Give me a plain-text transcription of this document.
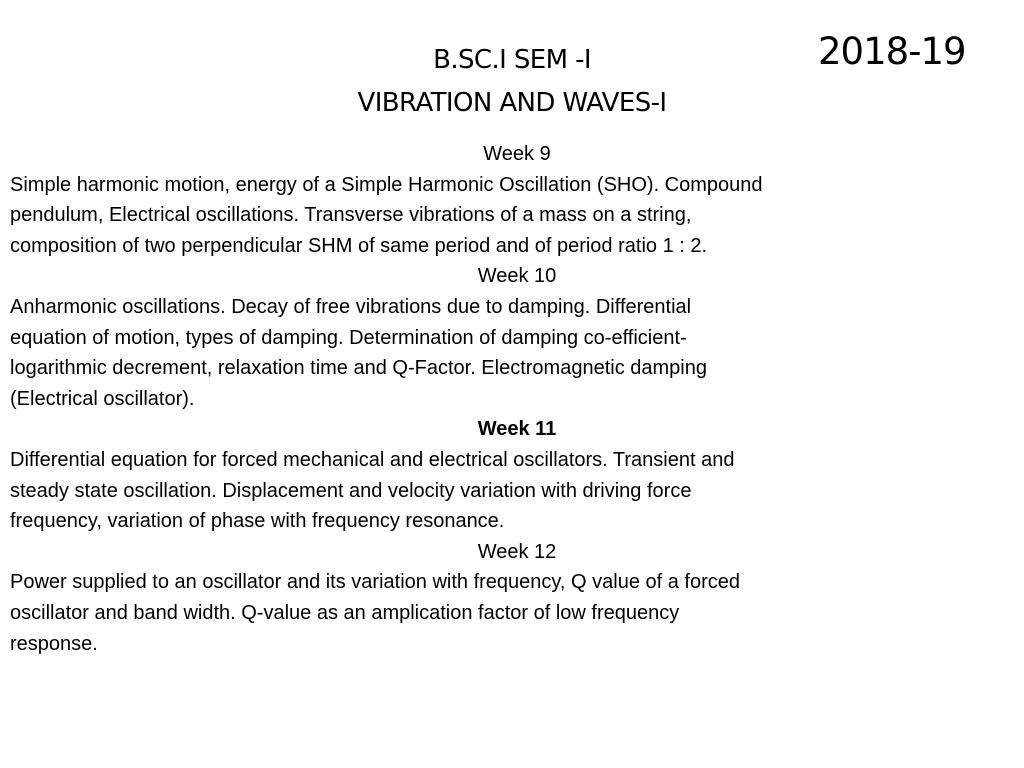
2018-19
B.SC.I SEM -I
VIBRATION AND WAVES-I
Week 9
Simple harmonic motion, energy of a Simple Harmonic Oscillation (SHO). Compound
pendulum, Electrical oscillations. Transverse vibrations of a mass on a string,
composition of two perpendicular SHM of same period and of period ratio 1 : 2.
Week 10
Anharmonic oscillations. Decay of free vibrations due to damping. Differential
equation of motion, types of damping. Determination of damping co-efficient-
logarithmic decrement, relaxation time and Q-Factor. Electromagnetic damping
(Electrical oscillator).
Week 11
Differential equation for forced mechanical and electrical oscillators. Transient and
steady state oscillation. Displacement and velocity variation with driving force
frequency, variation of phase with frequency resonance.
Week 12
Power supplied to an oscillator and its variation with frequency, Q value of a forced
oscillator and band width. Q-value as an amplication factor of low frequency
response.
